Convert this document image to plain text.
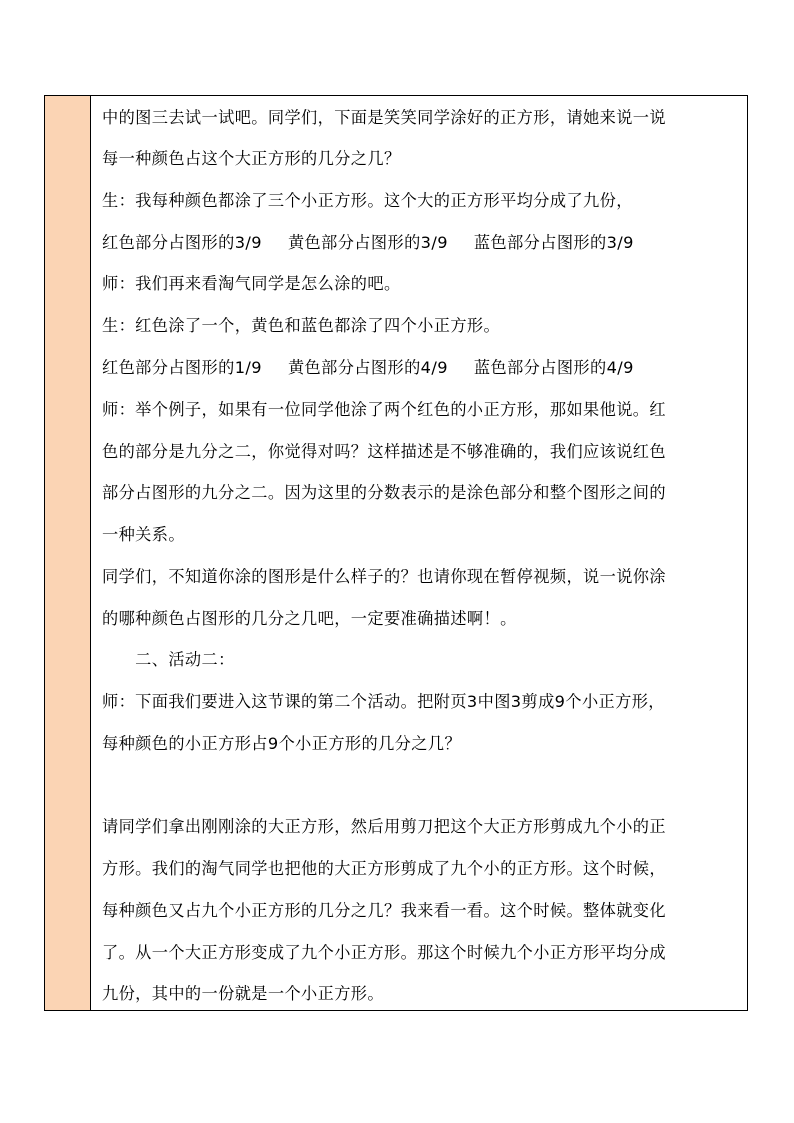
中的图三去试一试吧。同学们，下面是笑笑同学涂好的正方形，请她来说一说
每一种颜色占这个大正方形的几分之几？
生：我每种颜色都涂了三个小正方形。这个大的正方形平均分成了九份，
红色部分占图形的3/9 黄色部分占图形的3/9 蓝色部分占图形的3/9
师：我们再来看淘气同学是怎么涂的吧。
生：红色涂了一个，黄色和蓝色都涂了四个小正方形。
红色部分占图形的1/9 黄色部分占图形的4/9 蓝色部分占图形的4/9
师：举个例子，如果有一位同学他涂了两个红色的小正方形，那如果他说。红
色的部分是九分之二，你觉得对吗？这样描述是不够准确的，我们应该说红色
部分占图形的九分之二。因为这里的分数表示的是涂色部分和整个图形之间的
一种关系。
同学们，不知道你涂的图形是什么样子的？也请你现在暂停视频，说一说你涂
的哪种颜色占图形的几分之几吧，一定要准确描述啊！。
　　二、活动二：
师：下面我们要进入这节课的第二个活动。把附页3中图3剪成9个小正方形，
每种颜色的小正方形占9个小正方形的几分之几？
请同学们拿出刚刚涂的大正方形，然后用剪刀把这个大正方形剪成九个小的正
方形。我们的淘气同学也把他的大正方形剪成了九个小的正方形。这个时候，
每种颜色又占九个小正方形的几分之几？我来看一看。这个时候。整体就变化
了。从一个大正方形变成了九个小正方形。那这个时候九个小正方形平均分成
九份，其中的一份就是一个小正方形。
